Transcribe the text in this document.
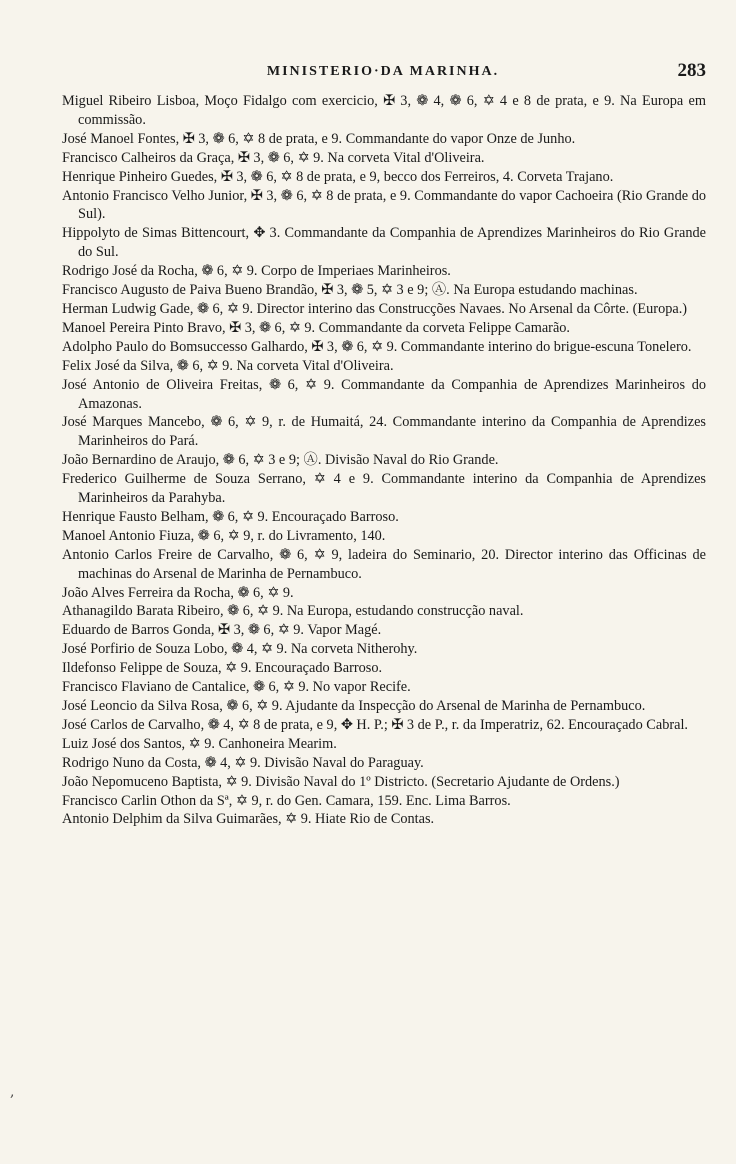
MINISTERIO·DA MARINHA.	283

Miguel Ribeiro Lisboa, Moço Fidalgo com exercicio, ✠ 3, ❁ 4, ❁ 6, ✡ 4 e 8 de prata, e 9. Na Europa em commissão.

José Manoel Fontes, ✠ 3, ❁ 6, ✡ 8 de prata, e 9. Commandante do vapor Onze de Junho.

Francisco Calheiros da Graça, ✠ 3, ❁ 6, ✡ 9. Na corveta Vital d'Oliveira.

Henrique Pinheiro Guedes, ✠ 3, ❁ 6, ✡ 8 de prata, e 9, becco dos Ferreiros, 4. Corveta Trajano.

Antonio Francisco Velho Junior, ✠ 3, ❁ 6, ✡ 8 de prata, e 9. Commandante do vapor Cachoeira (Rio Grande do Sul).

Hippolyto de Simas Bittencourt, ✥ 3. Commandante da Companhia de Aprendizes Marinheiros do Rio Grande do Sul.

Rodrigo José da Rocha, ❁ 6, ✡ 9. Corpo de Imperiaes Marinheiros.

Francisco Augusto de Paiva Bueno Brandão, ✠ 3, ❁ 5, ✡ 3 e 9; Ⓐ. Na Europa estudando machinas.

Herman Ludwig Gade, ❁ 6, ✡ 9. Director interino das Construcções Navaes. No Arsenal da Côrte. (Europa.)

Manoel Pereira Pinto Bravo, ✠ 3, ❁ 6, ✡ 9. Commandante da corveta Felippe Camarão.

Adolpho Paulo do Bomsuccesso Galhardo, ✠ 3, ❁ 6, ✡ 9. Commandante interino do brigue-escuna Tonelero.

Felix José da Silva, ❁ 6, ✡ 9. Na corveta Vital d'Oliveira.

José Antonio de Oliveira Freitas, ❁ 6, ✡ 9. Commandante da Companhia de Aprendizes Marinheiros do Amazonas.

José Marques Mancebo, ❁ 6, ✡ 9, r. de Humaitá, 24. Commandante interino da Companhia de Aprendizes Marinheiros do Pará.

João Bernardino de Araujo, ❁ 6, ✡ 3 e 9; Ⓐ. Divisão Naval do Rio Grande.

Frederico Guilherme de Souza Serrano, ✡ 4 e 9. Commandante interino da Companhia de Aprendizes Marinheiros da Parahyba.

Henrique Fausto Belham, ❁ 6, ✡ 9. Encouraçado Barroso.

Manoel Antonio Fiuza, ❁ 6, ✡ 9, r. do Livramento, 140.

Antonio Carlos Freire de Carvalho, ❁ 6, ✡ 9, ladeira do Seminario, 20. Director interino das Officinas de machinas do Arsenal de Marinha de Pernambuco.

João Alves Ferreira da Rocha, ❁ 6, ✡ 9.

Athanagildo Barata Ribeiro, ❁ 6, ✡ 9. Na Europa, estudando construcção naval.

Eduardo de Barros Gonda, ✠ 3, ❁ 6, ✡ 9. Vapor Magé.

José Porfirio de Souza Lobo, ❁ 4, ✡ 9. Na corveta Nitherohy.

Ildefonso Felippe de Souza, ✡ 9. Encouraçado Barroso.

Francisco Flaviano de Cantalice, ❁ 6, ✡ 9. No vapor Recife.

José Leoncio da Silva Rosa, ❁ 6, ✡ 9. Ajudante da Inspecção do Arsenal de Marinha de Pernambuco.

José Carlos de Carvalho, ❁ 4, ✡ 8 de prata, e 9, ✥ H. P.; ✠ 3 de P., r. da Imperatriz, 62. Encouraçado Cabral.

Luiz José dos Santos, ✡ 9. Canhoneira Mearim.

Rodrigo Nuno da Costa, ❁ 4, ✡ 9. Divisão Naval do Paraguay.

João Nepomuceno Baptista, ✡ 9. Divisão Naval do 1º Districto. (Secretario Ajudante de Ordens.)

Francisco Carlin Othon da Sª, ✡ 9, r. do Gen. Camara, 159. Enc. Lima Barros.

Antonio Delphim da Silva Guimarães, ✡ 9. Hiate Rio de Contas.

,
